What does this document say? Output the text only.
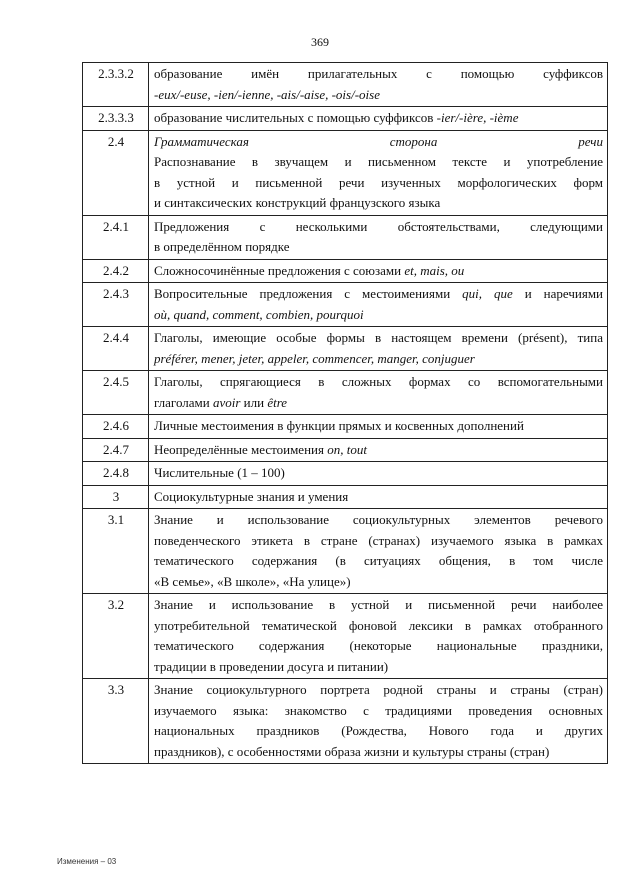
369
2.3.3.2	образование имён прилагательных с помощью суффиксов
-eux/-euse, -ien/-ienne, -ais/-aise, -ois/-oise

2.3.3.3	образование числительных с помощью суффиксов -ier/-ière, -ième

2.4	Грамматическая сторона речи
Распознавание в звучащем и письменном тексте и употребление
в устной и письменной речи изученных морфологических форм
и синтаксических конструкций французского языка

2.4.1	Предложения с несколькими обстоятельствами, следующими
в определённом порядке

2.4.2	Сложносочинённые предложения с союзами et, mais, ou

2.4.3	Вопросительные предложения с местоимениями qui, que и наречиями
où, quand, comment, combien, pourquoi

2.4.4	Глаголы, имеющие особые формы в настоящем времени (présent), типа
préférer, mener, jeter, appeler, commencer, manger, conjuguer

2.4.5	Глаголы, спрягающиеся в сложных формах со вспомогательными
глаголами avoir или être

2.4.6	Личные местоимения в функции прямых и косвенных дополнений

2.4.7	Неопределённые местоимения on, tout

2.4.8	Числительные (1 – 100)

3	Социокультурные знания и умения

3.1	Знание и использование социокультурных элементов речевого
поведенческого этикета в стране (странах) изучаемого языка в рамках
тематического содержания (в ситуациях общения, в том числе
«В семье», «В школе», «На улице»)

3.2	Знание и использование в устной и письменной речи наиболее
употребительной тематической фоновой лексики в рамках отобранного
тематического содержания (некоторые национальные праздники,
традиции в проведении досуга и питании)

3.3	Знание социокультурного портрета родной страны и страны (стран)
изучаемого языка: знакомство с традициями проведения основных
национальных праздников (Рождества, Нового года и других
праздников), с особенностями образа жизни и культуры страны (стран)
Изменения – 03
